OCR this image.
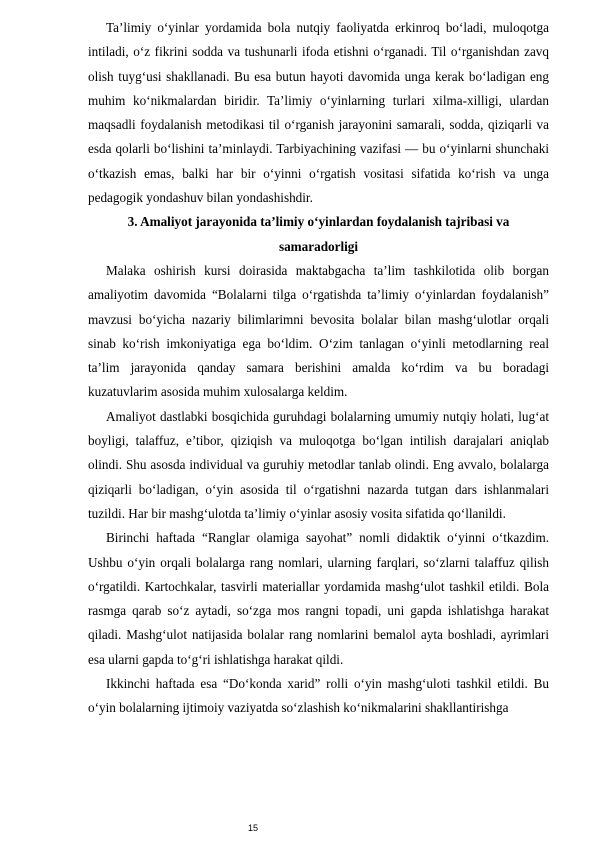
Ta’limiy o‘yinlar yordamida bola nutqiy faoliyatda erkinroq bo‘ladi, muloqotga intiladi, o‘z fikrini sodda va tushunarli ifoda etishni o‘rganadi. Til o‘rganishdan zavq olish tuyg‘usi shakllanadi. Bu esa butun hayoti davomida unga kerak bo‘ladigan eng muhim ko‘nikmalardan biridir. Ta’limiy o‘yinlarning turlari xilma-xilligi, ulardan maqsadli foydalanish metodikasi til o‘rganish jarayonini samarali, sodda, qiziqarli va esda qolarli bo‘lishini ta’minlaydi. Tarbiyachining vazifasi — bu o‘yinlarni shunchaki o‘tkazish emas, balki har bir o‘yinni o‘rgatish vositasi sifatida ko‘rish va unga pedagogik yondashuv bilan yondashishdir.

3. Amaliyot jarayonida ta’limiy o‘yinlardan foydalanish tajribasi va samaradorligi

Malaka oshirish kursi doirasida maktabgacha ta’lim tashkilotida olib borgan amaliyotim davomida “Bolalarni tilga o‘rgatishda ta’limiy o‘yinlardan foydalanish” mavzusi bo‘yicha nazariy bilimlarimni bevosita bolalar bilan mashg‘ulotlar orqali sinab ko‘rish imkoniyatiga ega bo‘ldim. O‘zim tanlagan o‘yinli metodlarning real ta’lim jarayonida qanday samara berishini amalda ko‘rdim va bu boradagi kuzatuvlarim asosida muhim xulosalarga keldim.

Amaliyot dastlabki bosqichida guruhdagi bolalarning umumiy nutqiy holati, lug‘at boyligi, talaffuz, e’tibor, qiziqish va muloqotga bo‘lgan intilish darajalari aniqlab olindi. Shu asosda individual va guruhiy metodlar tanlab olindi. Eng avvalo, bolalarga qiziqarli bo‘ladigan, o‘yin asosida til o‘rgatishni nazarda tutgan dars ishlanmalari tuzildi. Har bir mashg‘ulotda ta’limiy o‘yinlar asosiy vosita sifatida qo‘llanildi.

Birinchi haftada “Ranglar olamiga sayohat” nomli didaktik o‘yinni o‘tkazdim. Ushbu o‘yin orqali bolalarga rang nomlari, ularning farqlari, so‘zlarni talaffuz qilish o‘rgatildi. Kartochkalar, tasvirli materiallar yordamida mashg‘ulot tashkil etildi. Bola rasmga qarab so‘z aytadi, so‘zga mos rangni topadi, uni gapda ishlatishga harakat qiladi. Mashg‘ulot natijasida bolalar rang nomlarini bemalol ayta boshladi, ayrimlari esa ularni gapda to‘g‘ri ishlatishga harakat qildi.

Ikkinchi haftada esa “Do‘konda xarid” rolli o‘yin mashg‘uloti tashkil etildi. Bu o‘yin bolalarning ijtimoiy vaziyatda so‘zlashish ko‘nikmalarini shakllantirishga

15
